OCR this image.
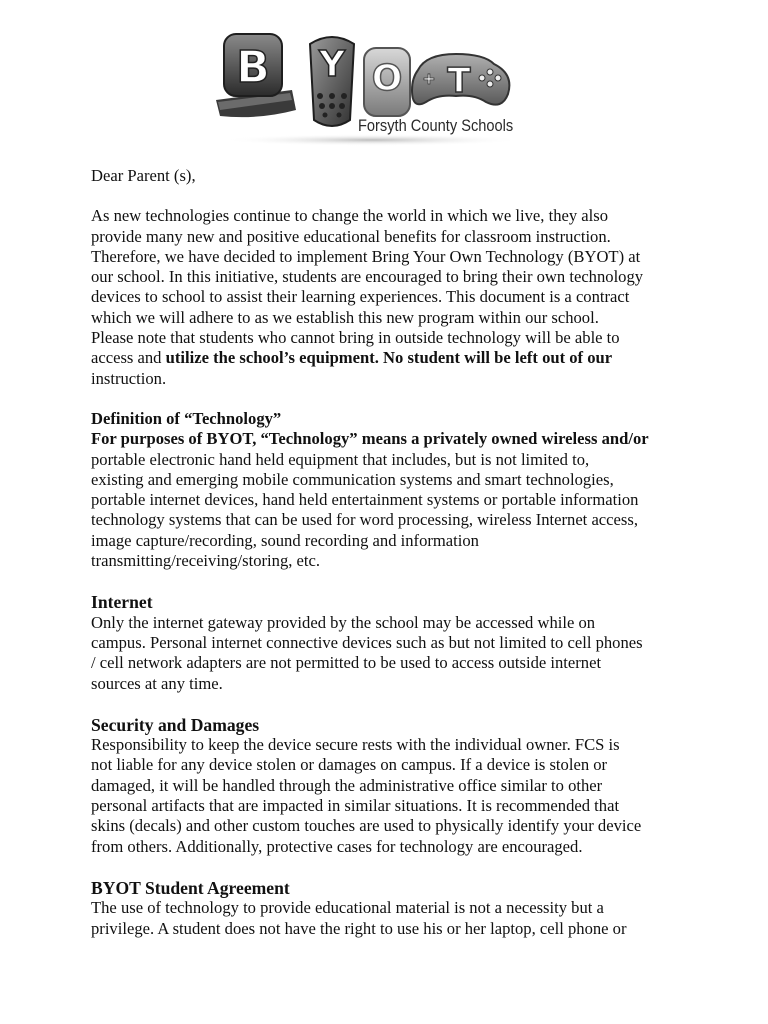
B Y O + T
Forsyth County Schools

Dear Parent (s),

As new technologies continue to change the world in which we live, they also
provide many new and positive educational benefits for classroom instruction.
Therefore, we have decided to implement Bring Your Own Technology (BYOT) at
our school. In this initiative, students are encouraged to bring their own technology
devices to school to assist their learning experiences. This document is a contract
which we will adhere to as we establish this new program within our school.
Please note that students who cannot bring in outside technology will be able to
access and utilize the school’s equipment. No student will be left out of our
instruction.

Definition of “Technology”
For purposes of BYOT, “Technology” means a privately owned wireless and/or
portable electronic hand held equipment that includes, but is not limited to,
existing and emerging mobile communication systems and smart technologies,
portable internet devices, hand held entertainment systems or portable information
technology systems that can be used for word processing, wireless Internet access,
image capture/recording, sound recording and information
transmitting/receiving/storing, etc.

Internet
Only the internet gateway provided by the school may be accessed while on
campus. Personal internet connective devices such as but not limited to cell phones
/ cell network adapters are not permitted to be used to access outside internet
sources at any time.

Security and Damages
Responsibility to keep the device secure rests with the individual owner. FCS is
not liable for any device stolen or damages on campus. If a device is stolen or
damaged, it will be handled through the administrative office similar to other
personal artifacts that are impacted in similar situations. It is recommended that
skins (decals) and other custom touches are used to physically identify your device
from others. Additionally, protective cases for technology are encouraged.

BYOT Student Agreement
The use of technology to provide educational material is not a necessity but a
privilege. A student does not have the right to use his or her laptop, cell phone or
